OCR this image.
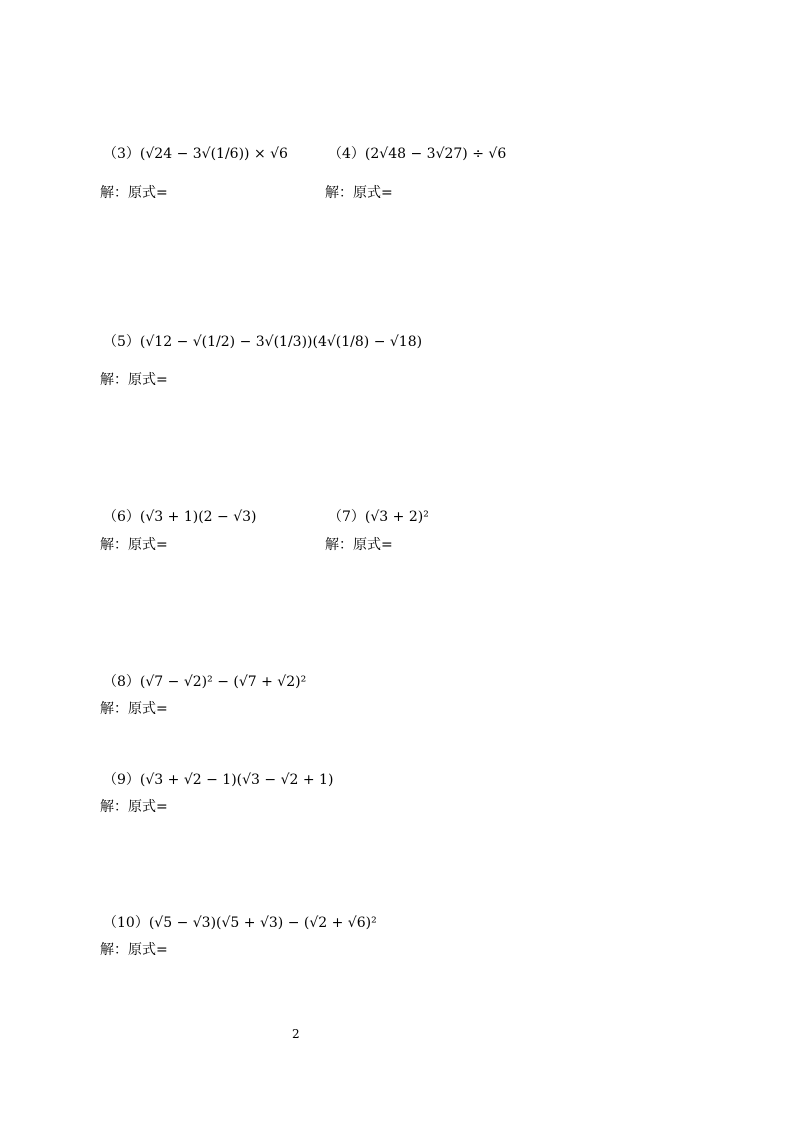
（3）(√24 − 3√(1/6)) × √6
解：原式=
（4）(2√48 − 3√27) ÷ √6
解：原式=
（5）(√12 − √(1/2) − 3√(1/3))(4√(1/8) − √18)
解：原式=
（6）(√3 + 1)(2 − √3)
解：原式=
（7）(√3 + 2)²
解：原式=
（8）(√7 − √2)² − (√7 + √2)²
解：原式=
（9）(√3 + √2 − 1)(√3 − √2 + 1)
解：原式=
（10）(√5 − √3)(√5 + √3) − (√2 + √6)²
解：原式=
2
